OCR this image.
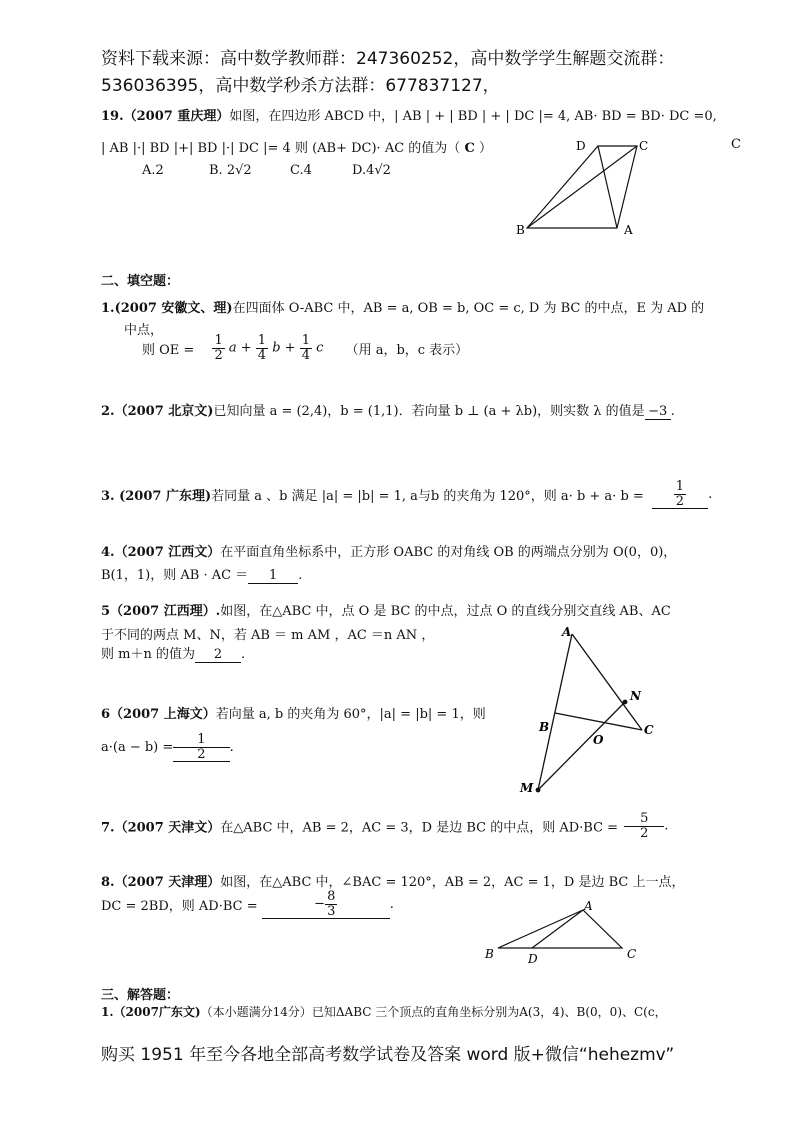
资料下载来源：高中数学教师群：247360252，高中数学学生解题交流群：
536036395，高中数学秒杀方法群：677837127，
19.（2007 重庆理）如图，在四边形 ABCD 中，| AB | + | BD | + | DC |= 4, AB· BD = BD· DC =0,
| AB |·| BD |+| BD |·| DC |= 4 则 (AB+ DC)· AC 的值为（ C ）
A.2	B. 2√2	C.4	D.4√2
C
D	C
B	A
二、填空题：
1.(2007 安徽文、理)在四面体 O-ABC 中，AB = a, OB = b, OC = c, D 为 BC 的中点，E 为 AD 的
中点，
则 OE = $\frac{1}{2}$ $a + \frac{1}{4}$ $b + \frac{1}{4}$ c （用 a，b，c 表示）
2.（2007 北京文)已知向量 a = (2,4)，b = (1,1)．若向量 b ⊥ (a + λb)，则实数 λ 的值是 −3 .
3. (2007 广东理)若同量 a 、b 满足 |a| = |b| = 1, a与b 的夹角为 120°，则 $a\cdot b + a\cdot b = \frac{1}{2}$ .
4.（2007 江西文）在平面直角坐标系中，正方形 OABC 的对角线 OB 的两端点分别为 O(0，0)，
B(1，1)，则 AB · AC ＝ 1 .
5（2007 江西理）.如图，在△ABC 中，点 O 是 BC 的中点，过点 O 的直线分别交直线 AB、AC
于不同的两点 M、N，若 AB ＝ m AM ，AC ＝n AN ，
则 m＋n 的值为 2 .
A
N
B
O
C
M
6（2007 上海文）若向量 a, b 的夹角为 60°，|a| = |b| = 1，则
$a\cdot(a - b) = \frac{1}{2}$ .
7.（2007 天津文）在△ABC 中，AB = 2，AC = 3，D 是边 BC 的中点，则 $AD\cdot BC = \frac{5}{2}$ .
8.（2007 天津理）如图，在△ABC 中，∠BAC = 120°，AB = 2，AC = 1，D 是边 BC 上一点，
DC = 2BD，则 AD·BC =	− $\frac{8}{3}$	.	A
B	D	C
三、解答题：
1.（2007广东文)（本小题满分14分）已知ΔABC 三个顶点的直角坐标分别为A(3，4)、B(0，0)、C(c，
购买 1951 年至今各地全部高考数学试卷及答案 word 版+微信“hehezmv”
